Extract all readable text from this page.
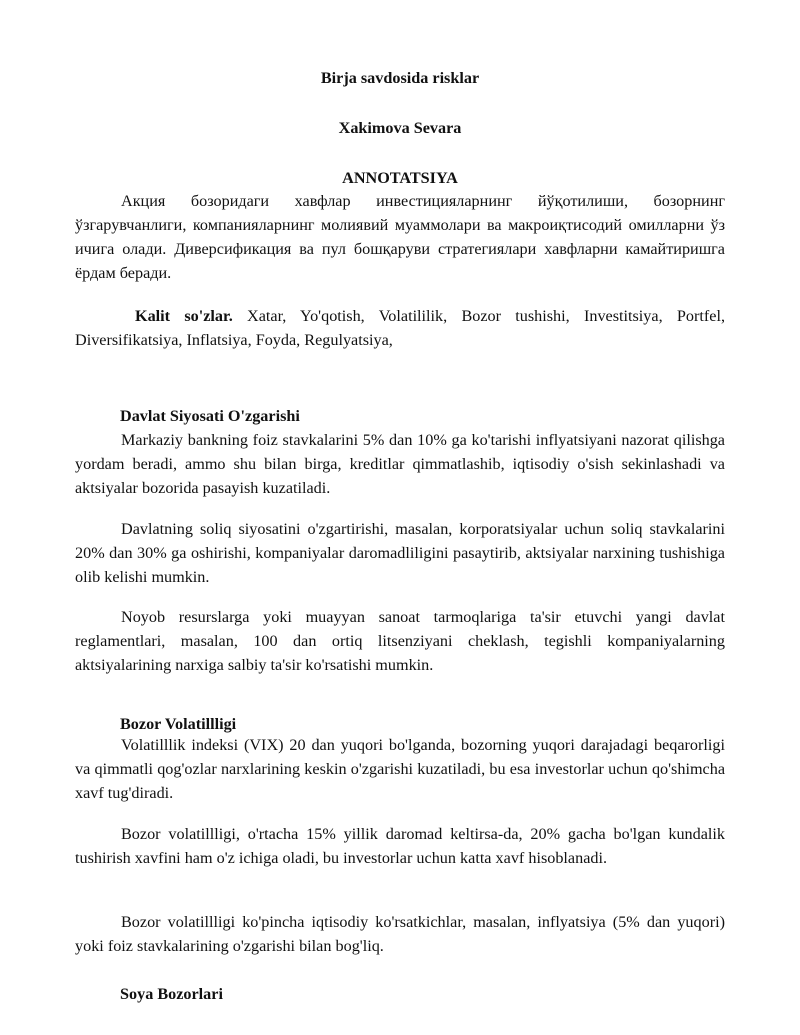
Birja savdosida risklar
Xakimova Sevara
ANNOTATSIYA

Акция бозоридаги хавфлар инвестицияларнинг йўқотилиши, бозорнинг ўзгарувчанлиги, компанияларнинг молиявий муаммолари ва макроиқтисодий омилларни ўз ичига олади. Диверсификация ва пул бошқаруви стратегиялари хавфларни камайтиришга ёрдам беради.

Kalit so'zlar. Xatar, Yo'qotish, Volatililik, Bozor tushishi, Investitsiya, Portfel, Diversifikatsiya, Inflatsiya, Foyda, Regulyatsiya,

Davlat Siyosati O'zgarishi

Markaziy bankning foiz stavkalarini 5% dan 10% ga ko'tarishi inflyatsiyani nazorat qilishga yordam beradi, ammo shu bilan birga, kreditlar qimmatlashib, iqtisodiy o'sish sekinlashadi va aktsiyalar bozorida pasayish kuzatiladi.

Davlatning soliq siyosatini o'zgartirishi, masalan, korporatsiyalar uchun soliq stavkalarini 20% dan 30% ga oshirishi, kompaniyalar daromadliligini pasaytirib, aktsiyalar narxining tushishiga olib kelishi mumkin.

Noyob resurslarga yoki muayyan sanoat tarmoqlariga ta'sir etuvchi yangi davlat reglamentlari, masalan, 100 dan ortiq litsenziyani cheklash, tegishli kompaniyalarning aktsiyalarining narxiga salbiy ta'sir ko'rsatishi mumkin.

Bozor Volatillligi

Volatilllik indeksi (VIX) 20 dan yuqori bo'lganda, bozorning yuqori darajadagi beqarorligi va qimmatli qog'ozlar narxlarining keskin o'zgarishi kuzatiladi, bu esa investorlar uchun qo'shimcha xavf tug'diradi.

Bozor volatillligi, o'rtacha 15% yillik daromad keltirsa-da, 20% gacha bo'lgan kundalik tushirish xavfini ham o'z ichiga oladi, bu investorlar uchun katta xavf hisoblanadi.

Bozor volatillligi ko'pincha iqtisodiy ko'rsatkichlar, masalan, inflyatsiya (5% dan yuqori) yoki foiz stavkalarining o'zgarishi bilan bog'liq.

Soya Bozorlari
